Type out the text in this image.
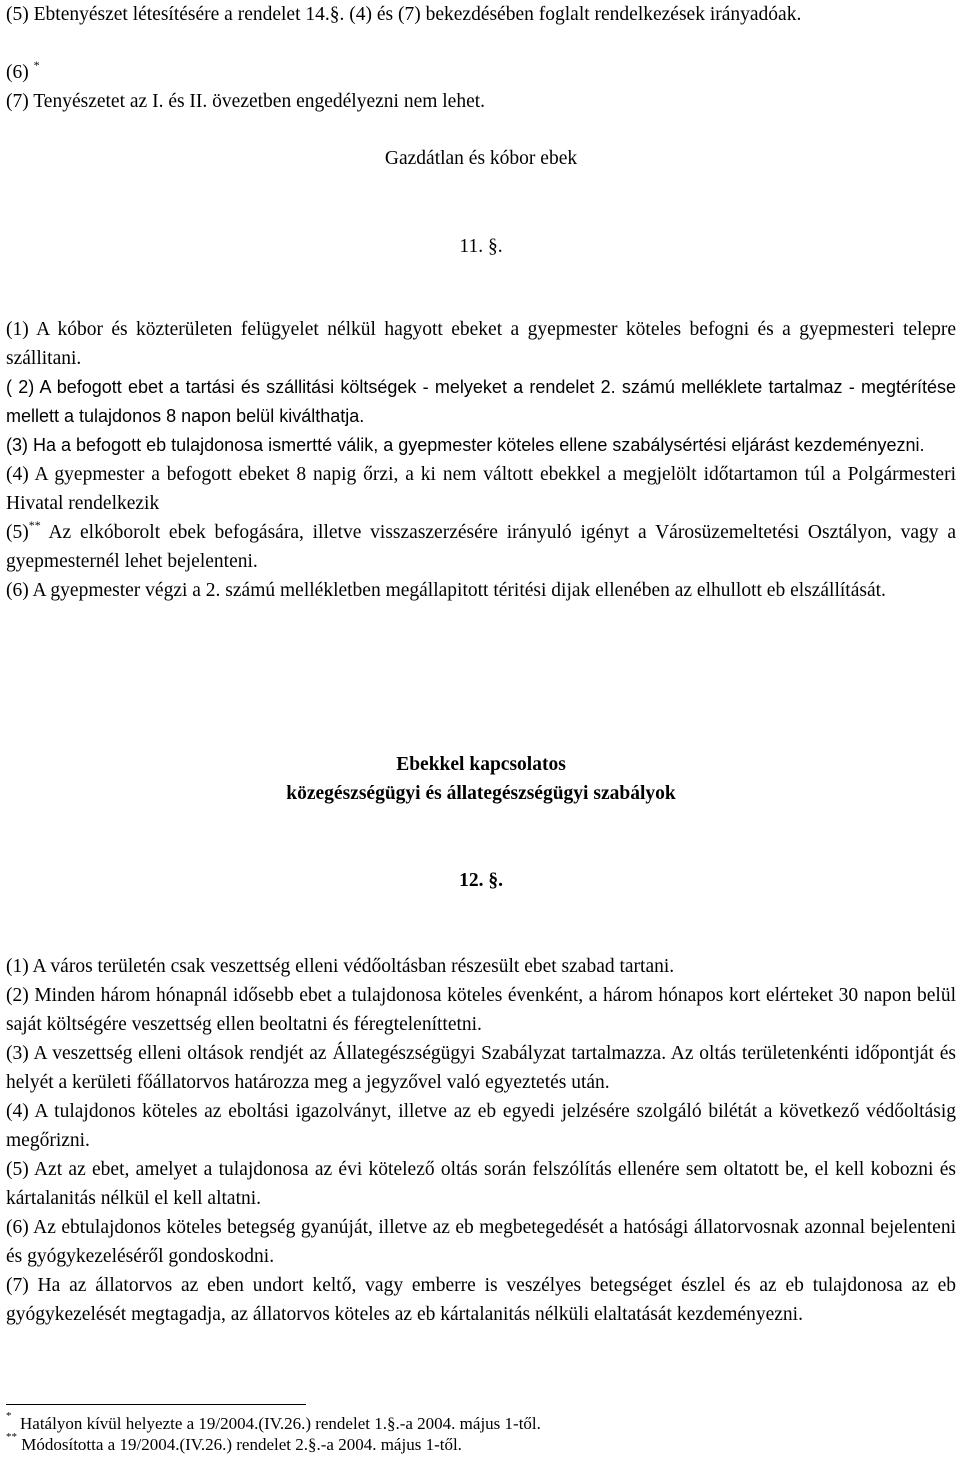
(5) Ebtenyészet létesítésére a rendelet 14.§. (4) és (7) bekezdésében foglalt rendelkezések irányadóak.

(6) *

(7) Tenyészetet az I. és II. övezetben engedélyezni nem lehet.

Gazdátlan és kóbor ebek

11. §.

(1) A kóbor és közterületen felügyelet nélkül hagyott ebeket a gyepmester köteles befogni és a gyepmesteri telepre szállitani.

( 2) A befogott ebet a tartási és szállitási költségek - melyeket a rendelet 2. számú melléklete tartalmaz - megtérítése mellett a tulajdonos 8 napon belül kiválthatja.

(3) Ha a befogott eb tulajdonosa ismertté válik, a gyepmester köteles ellene szabálysértési eljárást kezdeményezni.

(4) A gyepmester a befogott ebeket 8 napig őrzi, a ki nem váltott ebekkel a megjelölt időtartamon túl a Polgármesteri Hivatal rendelkezik

(5)** Az elkóborolt ebek befogására, illetve visszaszerzésére irányuló igényt a Városüzemeltetési Osztályon, vagy a gyepmesternél lehet bejelenteni.

(6) A gyepmester végzi a 2. számú mellékletben megállapitott téritési dijak ellenében az elhullott eb elszállítását.

Ebekkel kapcsolatos

közegészségügyi és állategészségügyi szabályok

12. §.

(1) A város területén csak veszettség elleni védőoltásban részesült ebet szabad tartani.

(2) Minden három hónapnál idősebb ebet a tulajdonosa köteles évenként, a három hónapos kort elérteket 30 napon belül saját költségére veszettség ellen beoltatni és féregteleníttetni.

(3) A veszettség elleni oltások rendjét az Állategészségügyi Szabályzat tartalmazza. Az oltás területenkénti időpontját és helyét a kerületi főállatorvos határozza meg a jegyzővel való egyeztetés után.

(4) A tulajdonos köteles az eboltási igazolványt, illetve az eb egyedi jelzésére szolgáló bilétát a következő védőoltásig megőrizni.

(5) Azt az ebet, amelyet a tulajdonosa az évi kötelező oltás során felszólítás ellenére sem oltatott be, el kell kobozni és kártalanitás nélkül el kell altatni.

(6) Az ebtulajdonos köteles betegség gyanúját, illetve az eb megbetegedését a hatósági állatorvosnak azonnal bejelenteni és gyógykezeléséről gondoskodni.

(7) Ha az állatorvos az eben undort keltő, vagy emberre is veszélyes betegséget észlel és az eb tulajdonosa az eb gyógykezelését megtagadja, az állatorvos köteles az eb kártalanitás nélküli elaltatását kezdeményezni.

* Hatályon kívül helyezte a 19/2004.(IV.26.) rendelet 1.§.-a 2004. május 1-től.

** Módosította a 19/2004.(IV.26.) rendelet 2.§.-a 2004. május 1-től.
